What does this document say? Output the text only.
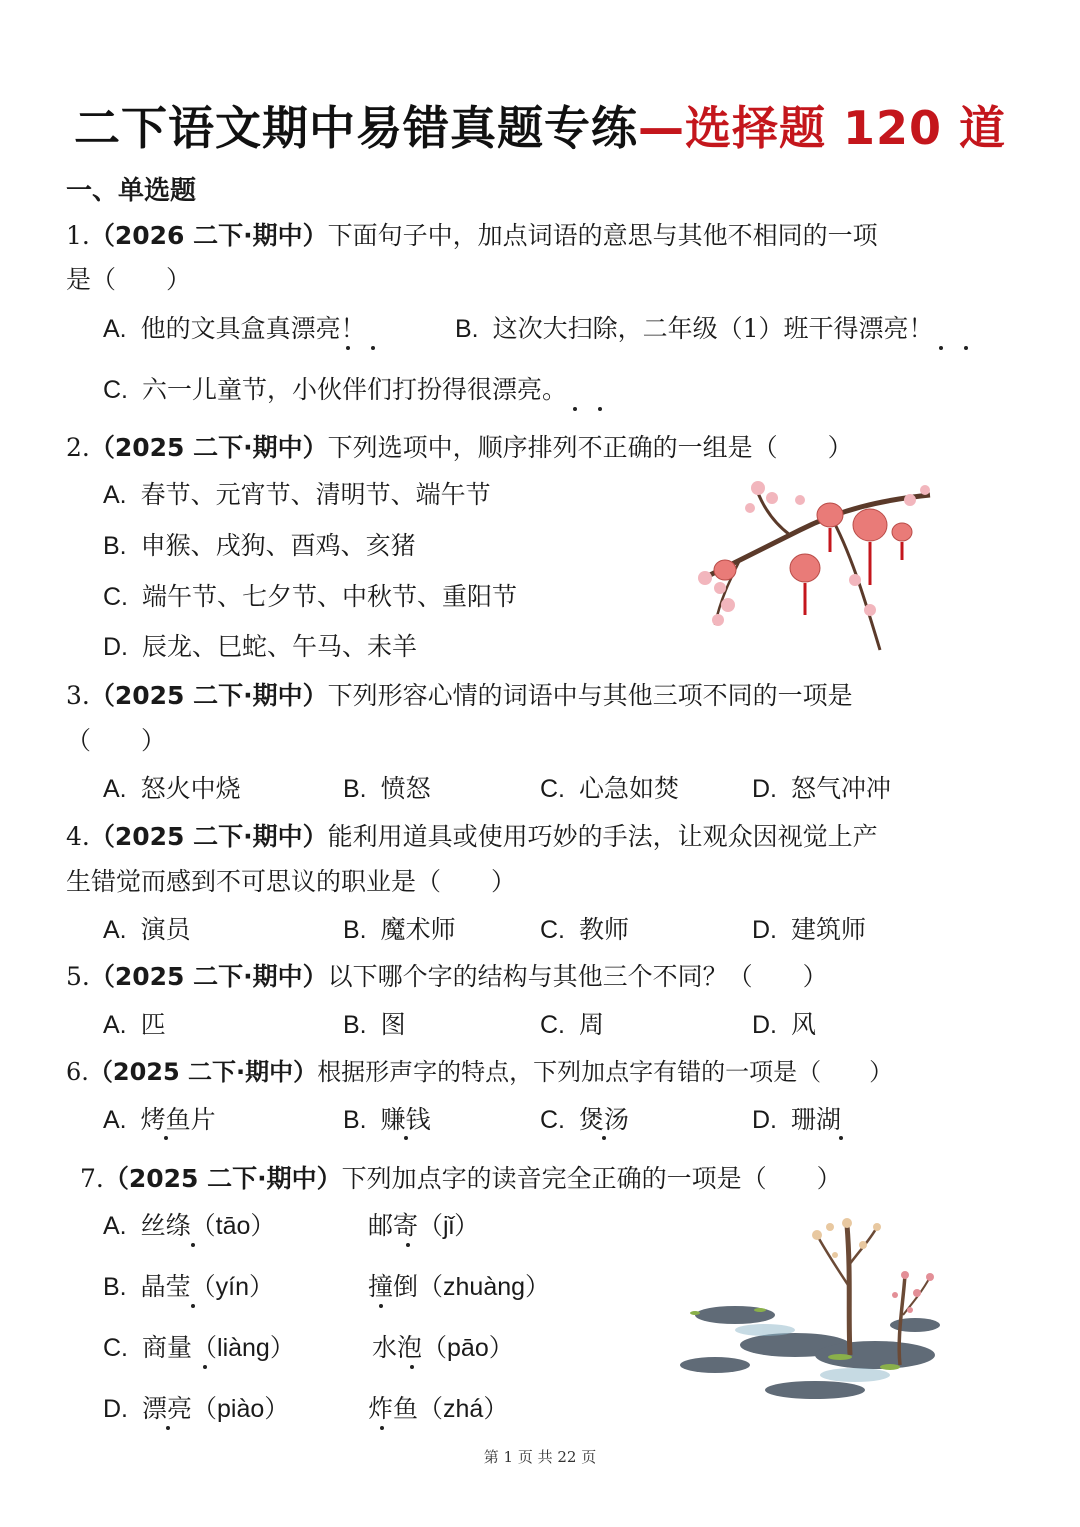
二下语文期中易错真题专练—选择题 120 道
一、单选题
1.（2026 二下·期中）下面句子中，加点词语的意思与其他不相同的一项
是（　　）
A. 他的文具盒真漂亮！	B. 这次大扫除，二年级（1）班干得漂亮！
C. 六一儿童节，小伙伴们打扮得很漂亮。
2.（2025 二下·期中）下列选项中，顺序排列不正确的一组是（　　）
A. 春节、元宵节、清明节、端午节
B. 申猴、戌狗、酉鸡、亥猪
C. 端午节、七夕节、中秋节、重阳节
D. 辰龙、巳蛇、午马、未羊
3.（2025 二下·期中）下列形容心情的词语中与其他三项不同的一项是
（　　）
A. 怒火中烧	B. 愤怒	C. 心急如焚	D. 怒气冲冲
4.（2025 二下·期中）能利用道具或使用巧妙的手法，让观众因视觉上产
生错觉而感到不可思议的职业是（　　）
A. 演员	B. 魔术师	C. 教师	D. 建筑师
5.（2025 二下·期中）以下哪个字的结构与其他三个不同？（　　）
A. 匹	B. 图	C. 周	D. 风
6.（2025 二下·期中）根据形声字的特点，下列加点字有错的一项是（　　）
A. 烤鱼片	B. 赚钱	C. 煲汤	D. 珊湖
7.（2025 二下·期中）下列加点字的读音完全正确的一项是（　　）
A. 丝绦（tāo）	邮寄（jǐ）
B. 晶莹（yín）	撞倒（zhuàng）
C. 商量（liàng）	水泡（pāo）
D. 漂亮（piào）	炸鱼（zhá）
第 1 页 共 22 页
